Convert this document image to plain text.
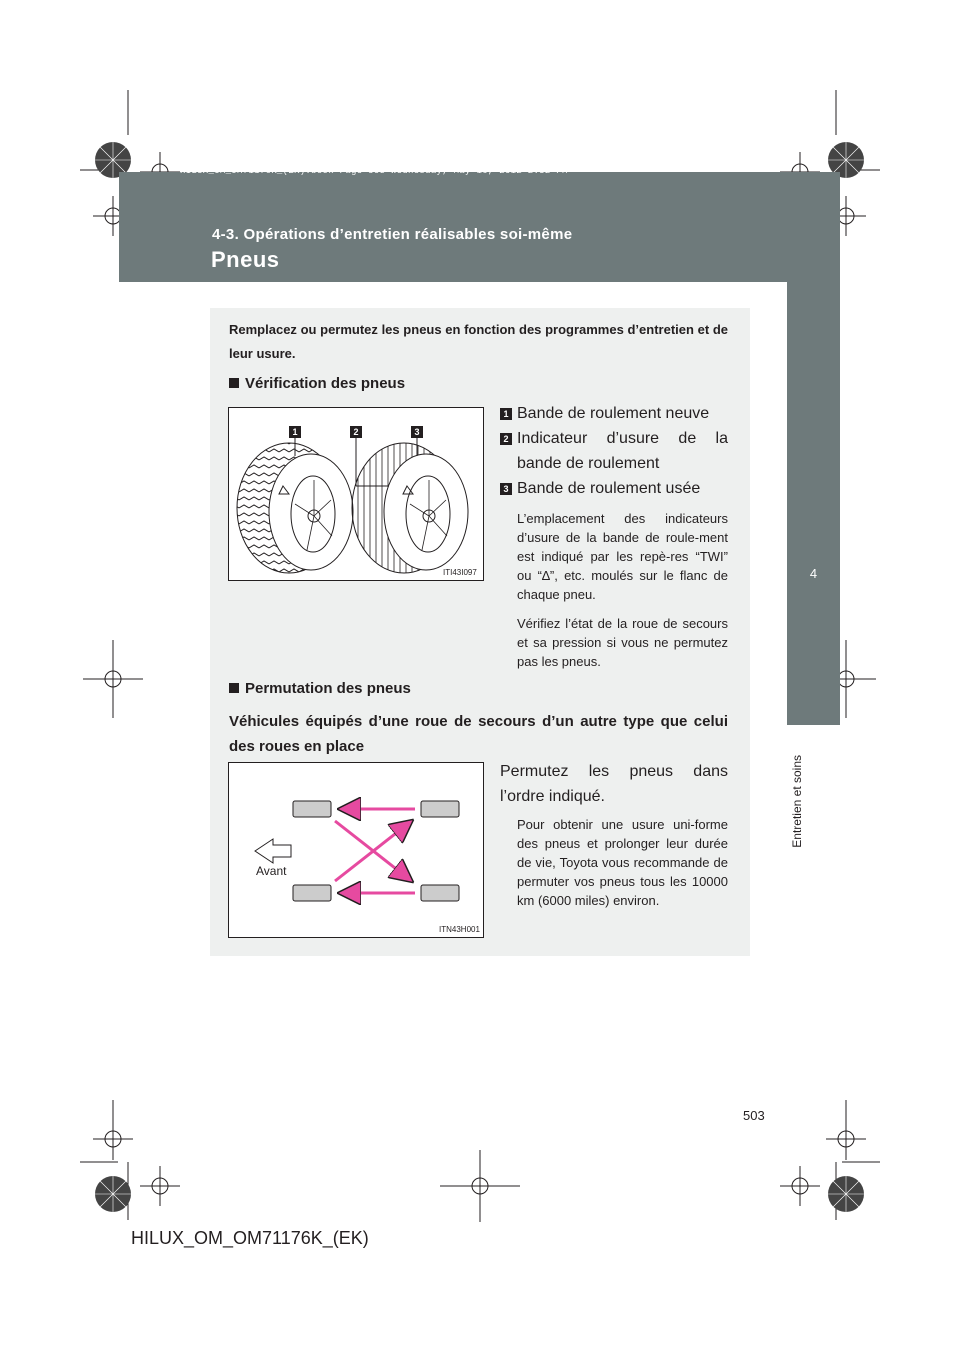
HILUX_OM_OM71176K_(EK).book Page 503 Wednesday, May 16, 2012 2:32 PM
4-3. Opérations d’entretien réalisables soi-même
Pneus
4
Entretien et soins
Remplacez ou permutez les pneus en fonction des programmes d’entretien et de leur usure.
Vérification des pneus
1	2	3
ITI43I097
1 Bande de roulement neuve
2 Indicateur d’usure de la bande de roulement
3 Bande de roulement usée
L’emplacement des indicateurs d’usure de la bande de roule-ment est indiqué par les repè-res “TWI” ou “∆”, etc. moulés sur le flanc de chaque pneu.
Vérifiez l’état de la roue de secours et sa pression si vous ne permutez pas les pneus.
Permutation des pneus
Véhicules équipés d’une roue de secours d’un autre type que celui des roues en place
Avant
ITN43H001
Permutez les pneus dans l’ordre indiqué.
Pour obtenir une usure uni-forme des pneus et prolonger leur durée de vie, Toyota vous recommande de permuter vos pneus tous les 10000 km (6000 miles) environ.
503
HILUX_OM_OM71176K_(EK)
carmanualsonline.info
